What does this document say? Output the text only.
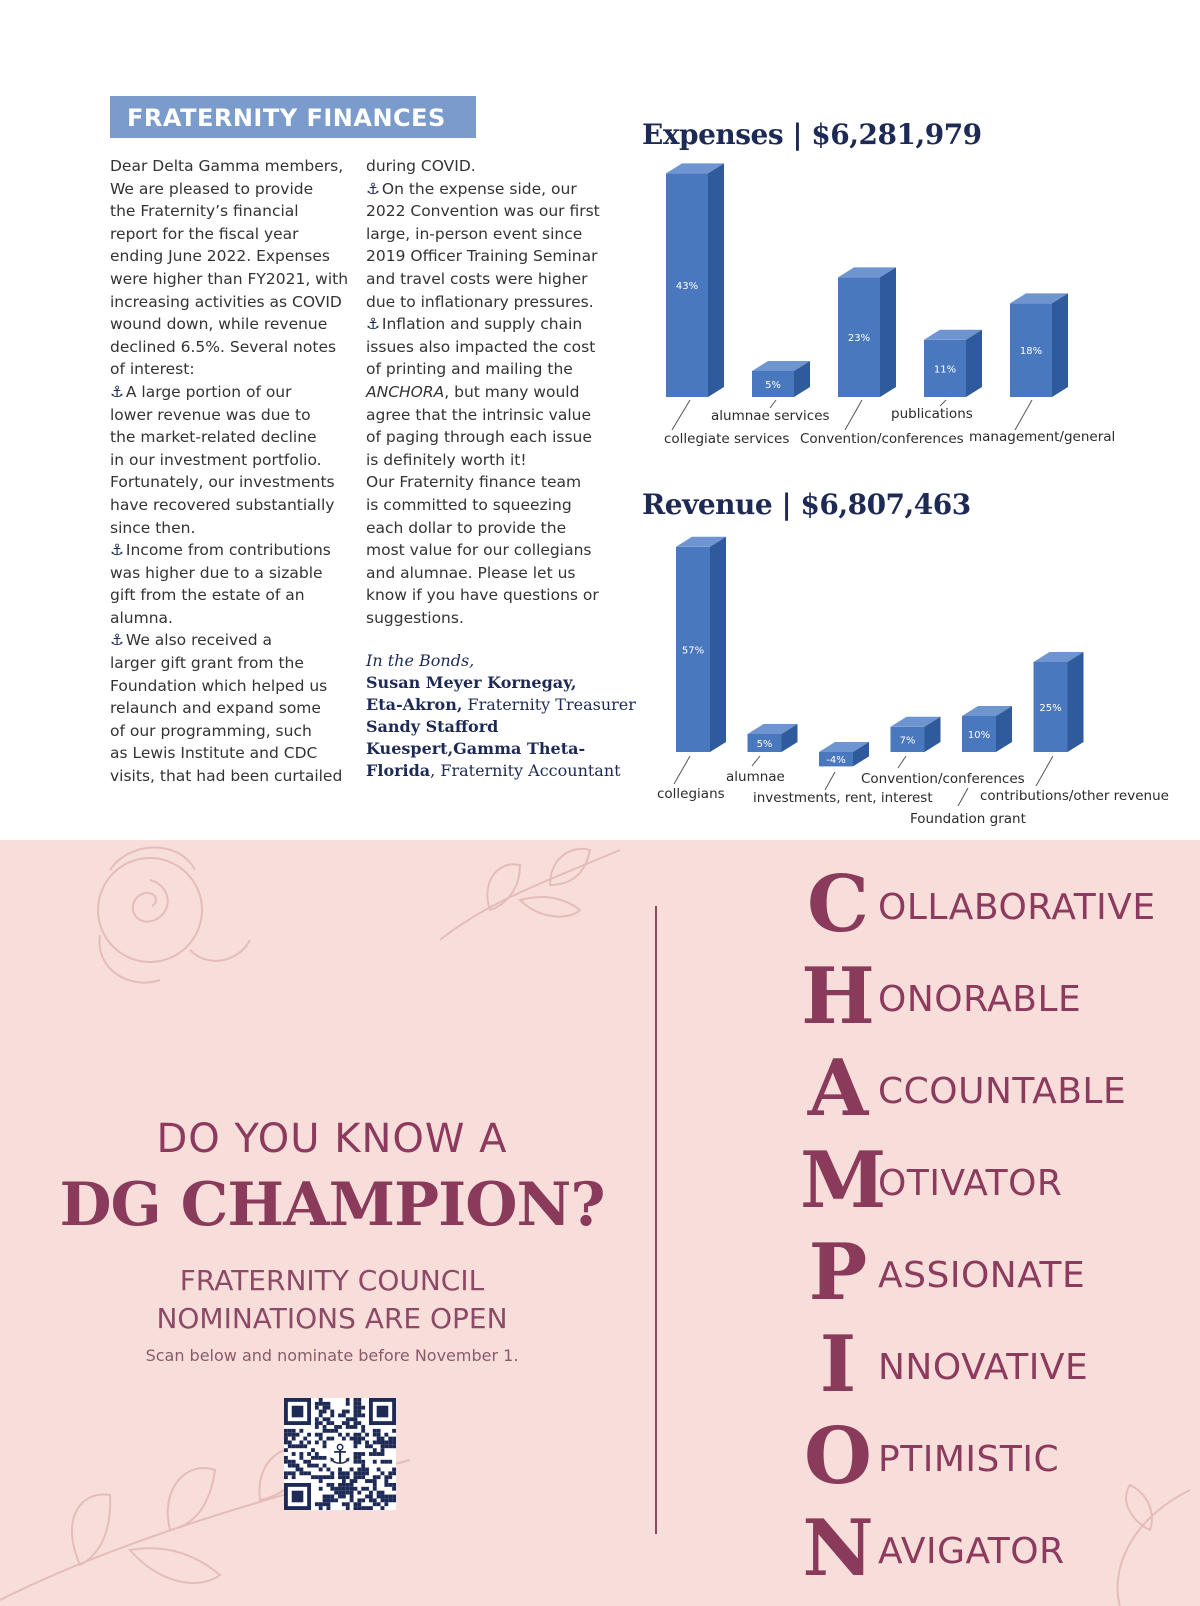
FRATERNITY FINANCES
Dear Delta Gamma members,
We are pleased to provide
the Fraternity’s financial
report for the fiscal year
ending June 2022. Expenses
were higher than FY2021, with
increasing activities as COVID
wound down, while revenue
declined 6.5%. Several notes
of interest:
⚓ A large portion of our
lower revenue was due to
the market-related decline
in our investment portfolio.
Fortunately, our investments
have recovered substantially
since then.
⚓ Income from contributions
was higher due to a sizable
gift from the estate of an
alumna.
⚓ We also received a
larger gift grant from the
Foundation which helped us
relaunch and expand some
of our programming, such
as Lewis Institute and CDC
visits, that had been curtailed
during COVID.
⚓ On the expense side, our
2022 Convention was our first
large, in-person event since
2019 Officer Training Seminar
and travel costs were higher
due to inflationary pressures.
⚓ Inflation and supply chain
issues also impacted the cost
of printing and mailing the
ANCHORA, but many would
agree that the intrinsic value
of paging through each issue
is definitely worth it!
Our Fraternity finance team
is committed to squeezing
each dollar to provide the
most value for our collegians
and alumnae. Please let us
know if you have questions or
suggestions.
In the Bonds,
Susan Meyer Kornegay,
Eta-Akron, Fraternity Treasurer
Sandy Stafford
Kuespert,Gamma Theta-
Florida, Fraternity Accountant
Expenses | $6,281,979
Revenue | $6,807,463
43%
collegiate services
5%
alumnae services
23%
Convention/conferences
11%
publications
18%
management/general
57%
collegians
5%
alumnae
-4%
investments, rent, interest
7%
Convention/conferences
10%
Foundation grant
25%
contributions/other revenue
DO YOU KNOW A
DG CHAMPION?
FRATERNITY COUNCIL
NOMINATIONS ARE OPEN
Scan below and nominate before November 1.
⚓
C OLLABORATIVE
H ONORABLE
A CCOUNTABLE
M
OTIVATOR
P ASSIONATE
I NNOVATIVE
O PTIMISTIC
N AVIGATOR
